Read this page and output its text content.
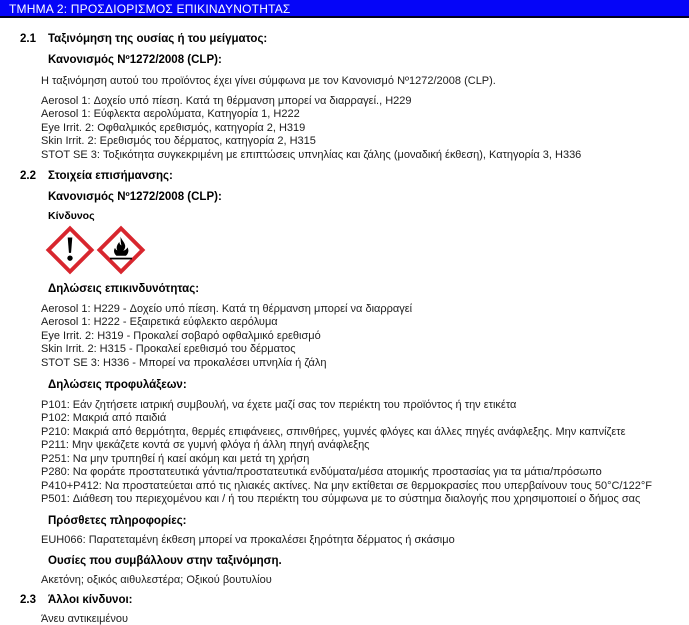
ΤΜΗΜΑ 2: ΠΡΟΣΔΙΟΡΙΣΜΟΣ ΕΠΙΚΙΝΔΥΝΟΤΗΤΑΣ
2.1	Ταξινόμηση της ουσίας ή του μείγματος:
Κανονισμός Nº1272/2008 (CLP):
Η ταξινόμηση αυτού του προϊόντος έχει γίνει σύμφωνα με τον Κανονισμό Nº1272/2008 (CLP).
Aerosol 1: Δοχείο υπό πίεση. Κατά τη θέρμανση μπορεί να διαρραγεί., H229
Aerosol 1: Εύφλεκτα αερολύματα, Κατηγορία 1, H222
Eye Irrit. 2: Οφθαλμικός ερεθισμός, κατηγορία 2, H319
Skin Irrit. 2: Ερεθισμός του δέρματος, κατηγορία 2, H315
STOT SE 3: Τοξικότητα συγκεκριμένη με επιπτώσεις υπνηλίας και ζάλης (μοναδική έκθεση), Κατηγορία 3, H336
2.2	Στοιχεία επισήμανσης:
Κανονισμός Nº1272/2008 (CLP):
Κίνδυνος
Δηλώσεις επικινδυνότητας:
Aerosol 1: H229 - Δοχείο υπό πίεση. Κατά τη θέρμανση μπορεί να διαρραγεί
Aerosol 1: H222 - Εξαιρετικά εύφλεκτο αερόλυμα
Eye Irrit. 2: H319 - Προκαλεί σοβαρό οφθαλμικό ερεθισμό
Skin Irrit. 2: H315 - Προκαλεί ερεθισμό του δέρματος
STOT SE 3: H336 - Μπορεί να προκαλέσει υπνηλία ή ζάλη
Δηλώσεις προφυλάξεων:
P101: Εάν ζητήσετε ιατρική συμβουλή, να έχετε μαζί σας τον περιέκτη του προϊόντος ή την ετικέτα
P102: Μακριά από παιδιά
P210: Μακριά από θερμότητα, θερμές επιφάνειες, σπινθήρες, γυμνές φλόγες και άλλες πηγές ανάφλεξης. Μην καπνίζετε
P211: Μην ψεκάζετε κοντά σε γυμνή φλόγα ή άλλη πηγή ανάφλεξης
P251: Να μην τρυπηθεί ή καεί ακόμη και μετά τη χρήση
P280: Να φοράτε προστατευτικά γάντια/προστατευτικά ενδύματα/μέσα ατομικής προστασίας για τα μάτια/πρόσωπο
P410+P412: Να προστατεύεται από τις ηλιακές ακτίνες. Να μην εκτίθεται σε θερμοκρασίες που υπερβαίνουν τους 50°C/122°F
P501: Διάθεση του περιεχομένου και / ή του περιέκτη του σύμφωνα με το σύστημα διαλογής που χρησιμοποιεί ο δήμος σας
Πρόσθετες πληροφορίες:
EUH066: Παρατεταμένη έκθεση μπορεί να προκαλέσει ξηρότητα δέρματος ή σκάσιμο
Ουσίες που συμβάλλουν στην ταξινόμηση.
Ακετόνη; οξικός αιθυλεστέρα; Οξικού βουτυλίου
2.3	Άλλοι κίνδυνοι:
Άνευ αντικειμένου
